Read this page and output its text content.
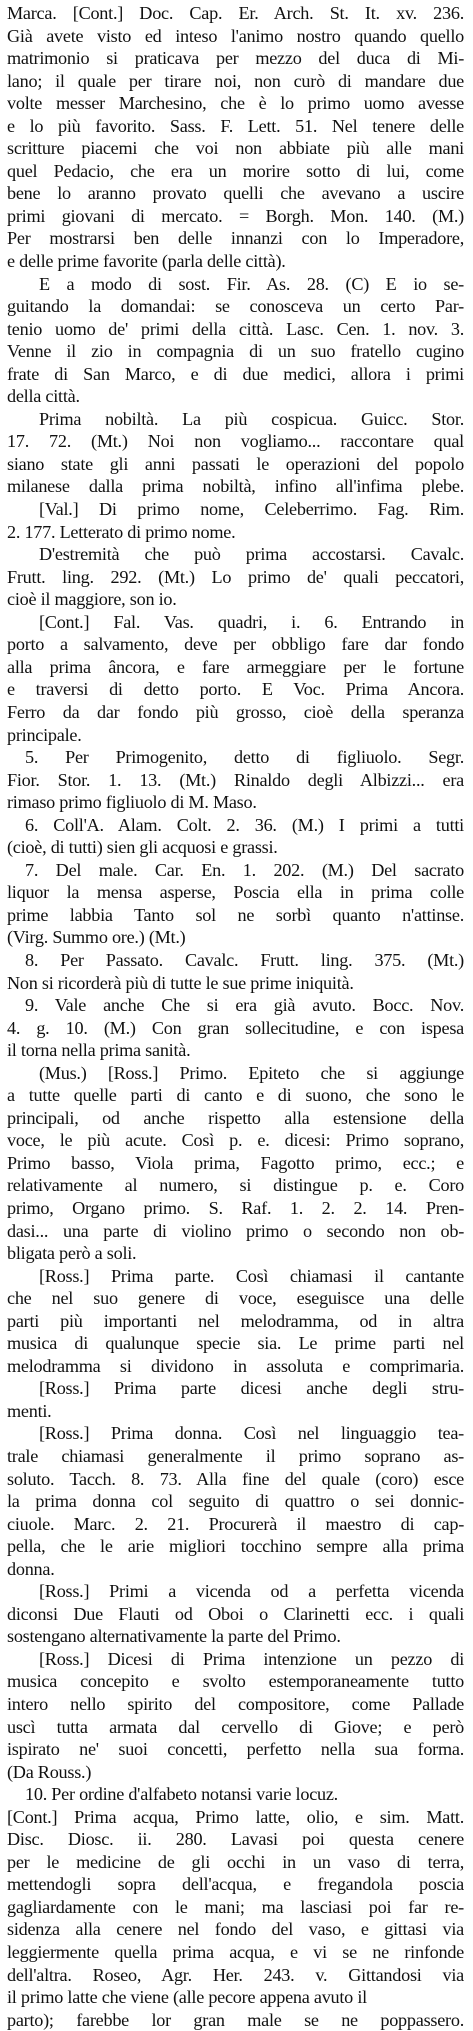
Marca. [Cont.] Doc. Cap. Er. Arch. St. It. xv. 236.
Già avete visto ed inteso l'animo nostro quando quello
matrimonio si praticava per mezzo del duca di Mi-
lano; il quale per tirare noi, non curò di mandare due
volte messer Marchesino, che è lo primo uomo avesse
e lo più favorito. Sass. F. Lett. 51. Nel tenere delle
scritture piacemi che voi non abbiate più alle mani
quel Pedacio, che era un morire sotto di lui, come
bene lo aranno provato quelli che avevano a uscire
primi giovani di mercato. = Borgh. Mon. 140. (M.)
Per mostrarsi ben delle innanzi con lo Imperadore,
e delle prime favorite (parla delle città).
E a modo di sost. Fir. As. 28. (C) E io se-
guitando la domandai: se conosceva un certo Par-
tenio uomo de' primi della città. Lasc. Cen. 1. nov. 3.
Venne il zio in compagnia di un suo fratello cugino
frate di San Marco, e di due medici, allora i primi
della città.
Prima nobiltà. La più cospicua. Guicc. Stor.
17. 72. (Mt.) Noi non vogliamo... raccontare qual
siano state gli anni passati le operazioni del popolo
milanese dalla prima nobiltà, infino all'infima plebe.
[Val.] Di primo nome, Celeberrimo. Fag. Rim.
2. 177. Letterato di primo nome.
D'estremità che può prima accostarsi. Cavalc.
Frutt. ling. 292. (Mt.) Lo primo de' quali peccatori,
cioè il maggiore, son io.
[Cont.] Fal. Vas. quadri, i. 6. Entrando in
porto a salvamento, deve per obbligo fare dar fondo
alla prima âncora, e fare armeggiare per le fortune
e traversi di detto porto. E Voc. Prima Ancora.
Ferro da dar fondo più grosso, cioè della speranza
principale.
5. Per Primogenito, detto di figliuolo. Segr.
Fior. Stor. 1. 13. (Mt.) Rinaldo degli Albizzi... era
rimaso primo figliuolo di M. Maso.
6. Coll'A. Alam. Colt. 2. 36. (M.) I primi a tutti
(cioè, di tutti) sien gli acquosi e grassi.
7. Del male. Car. En. 1. 202. (M.) Del sacrato
liquor la mensa asperse, Poscia ella in prima colle
prime labbia Tanto sol ne sorbì quanto n'attinse.
(Virg. Summo ore.) (Mt.)
8. Per Passato. Cavalc. Frutt. ling. 375. (Mt.)
Non si ricorderà più di tutte le sue prime iniquità.
9. Vale anche Che si era già avuto. Bocc. Nov.
4. g. 10. (M.) Con gran sollecitudine, e con ispesa
il torna nella prima sanità.
(Mus.) [Ross.] Primo. Epiteto che si aggiunge
a tutte quelle parti di canto e di suono, che sono le
principali, od anche rispetto alla estensione della
voce, le più acute. Così p. e. dicesi: Primo soprano,
Primo basso, Viola prima, Fagotto primo, ecc.; e
relativamente al numero, si distingue p. e. Coro
primo, Organo primo. S. Raf. 1. 2. 2. 14. Pren-
dasi... una parte di violino primo o secondo non ob-
bligata però a soli.
[Ross.] Prima parte. Così chiamasi il cantante
che nel suo genere di voce, eseguisce una delle
parti più importanti nel melodramma, od in altra
musica di qualunque specie sia. Le prime parti nel
melodramma si dividono in assoluta e comprimaria.
[Ross.] Prima parte dicesi anche degli stru-
menti.
[Ross.] Prima donna. Così nel linguaggio tea-
trale chiamasi generalmente il primo soprano as-
soluto. Tacch. 8. 73. Alla fine del quale (coro) esce
la prima donna col seguito di quattro o sei donnic-
ciuole. Marc. 2. 21. Procurerà il maestro di cap-
pella, che le arie migliori tocchino sempre alla prima
donna.
[Ross.] Primi a vicenda od a perfetta vicenda
diconsi Due Flauti od Oboi o Clarinetti ecc. i quali
sostengano alternativamente la parte del Primo.
[Ross.] Dicesi di Prima intenzione un pezzo di
musica concepito e svolto estemporaneamente tutto
intero nello spirito del compositore, come Pallade
uscì tutta armata dal cervello di Giove; e però
ispirato ne' suoi concetti, perfetto nella sua forma.
(Da Rouss.)
10. Per ordine d'alfabeto notansi varie locuz.
[Cont.] Prima acqua, Primo latte, olio, e sim. Matt.
Disc. Diosc. ii. 280. Lavasi poi questa cenere
per le medicine de gli occhi in un vaso di terra,
mettendogli sopra dell'acqua, e fregandola poscia
gagliardamente con le mani; ma lasciasi poi far re-
sidenza alla cenere nel fondo del vaso, e gittasi via
leggiermente quella prima acqua, e vi se ne rinfonde
dell'altra. Roseo, Agr. Her. 243. v. Gittandosi via
il primo latte che viene (alle pecore appena avuto il
parto); farebbe lor gran male se ne poppassero.
